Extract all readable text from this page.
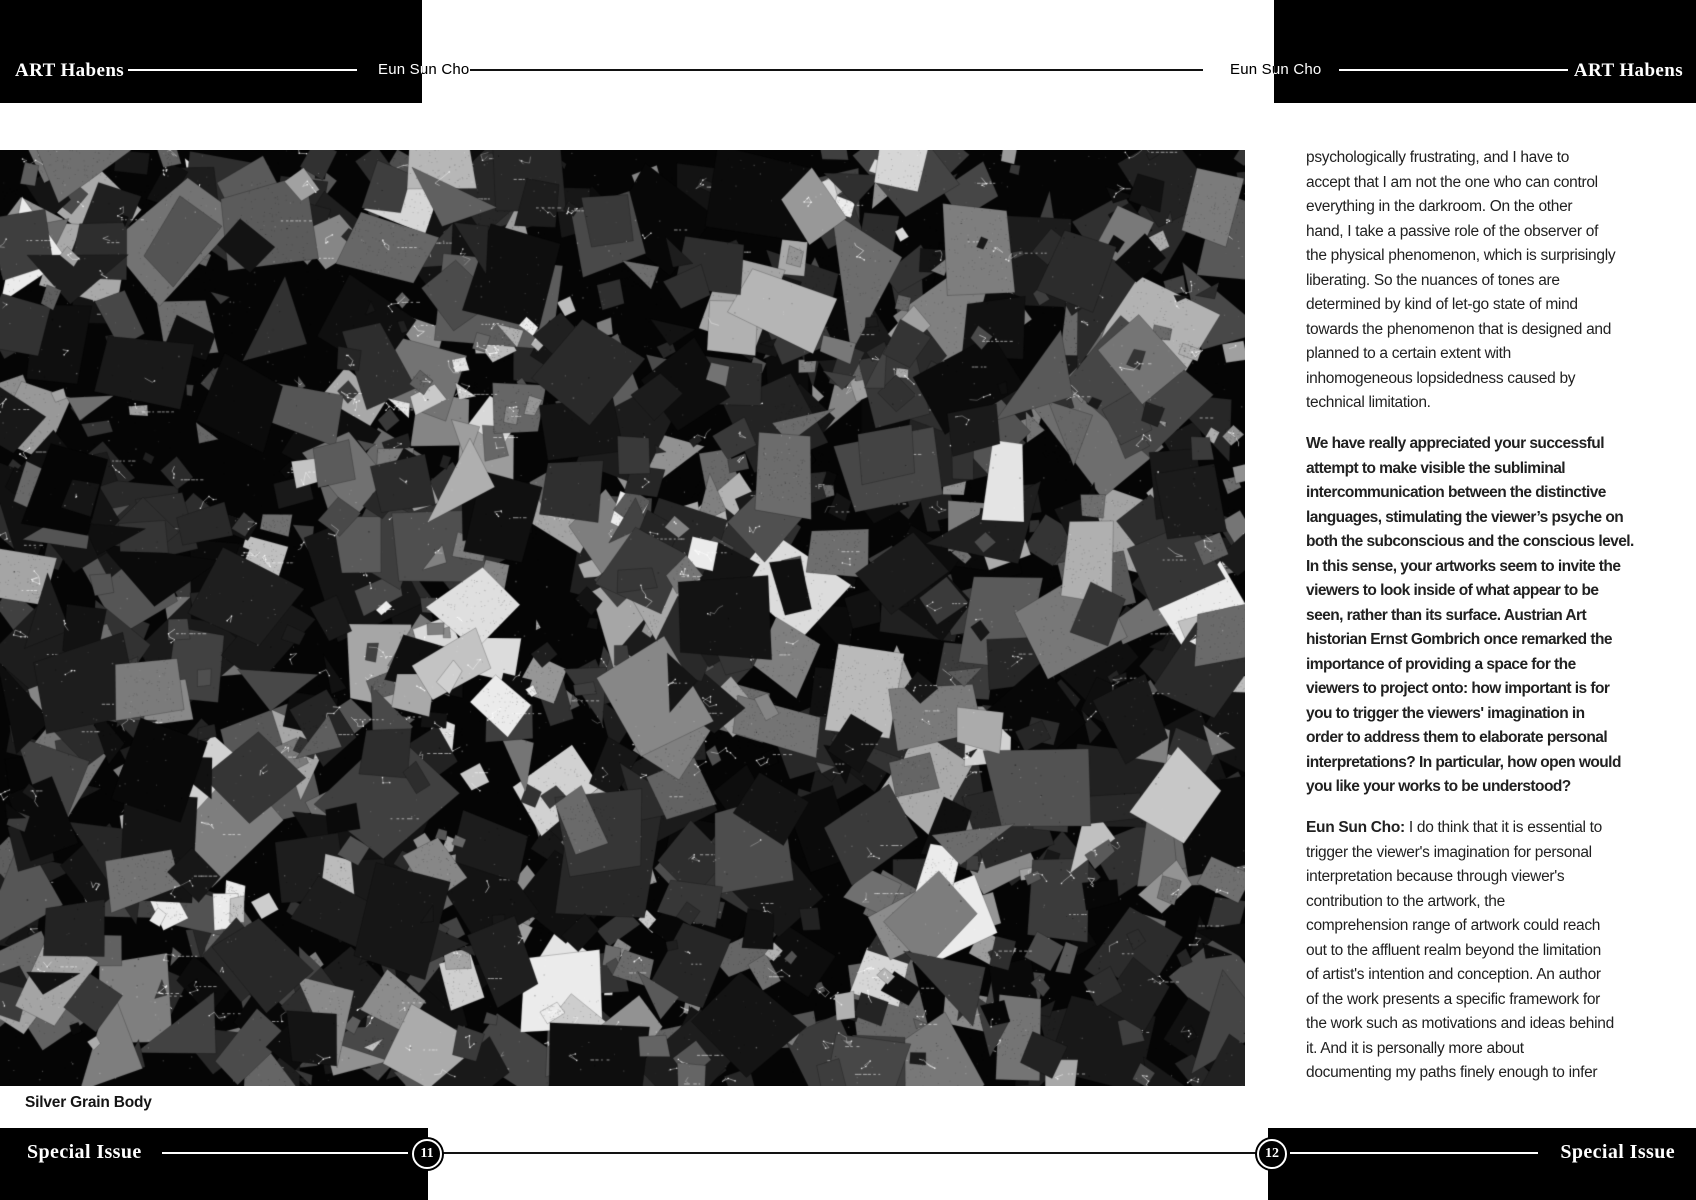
ART Habens	ART Habens
Eun Sun Cho	Eun Sun Cho
Silver Grain Body

psychologically frustrating, and I have to
accept that I am not the one who can control
everything in the darkroom. On the other
hand, I take a passive role of the observer of
the physical phenomenon, which is surprisingly
liberating. So the nuances of tones are
determined by kind of let-go state of mind
towards the phenomenon that is designed and
planned to a certain extent with
inhomogeneous lopsidedness caused by
technical limitation.

We have really appreciated your successful
attempt to make visible the subliminal
intercommunication between the distinctive
languages, stimulating the viewer’s psyche on
both the subconscious and the conscious level.
In this sense, your artworks seem to invite the
viewers to look inside of what appear to be
seen, rather than its surface. Austrian Art
historian Ernst Gombrich once remarked the
importance of providing a space for the
viewers to project onto: how important is for
you to trigger the viewers' imagination in
order to address them to elaborate personal
interpretations? In particular, how open would
you like your works to be understood?

Eun Sun Cho: I do think that it is essential to
trigger the viewer's imagination for personal
interpretation because through viewer's
contribution to the artwork, the
comprehension range of artwork could reach
out to the affluent realm beyond the limitation
of artist's intention and conception. An author
of the work presents a specific framework for
the work such as motivations and ideas behind
it. And it is personally more about
documenting my paths finely enough to infer

Special Issue	Special Issue
11	12
